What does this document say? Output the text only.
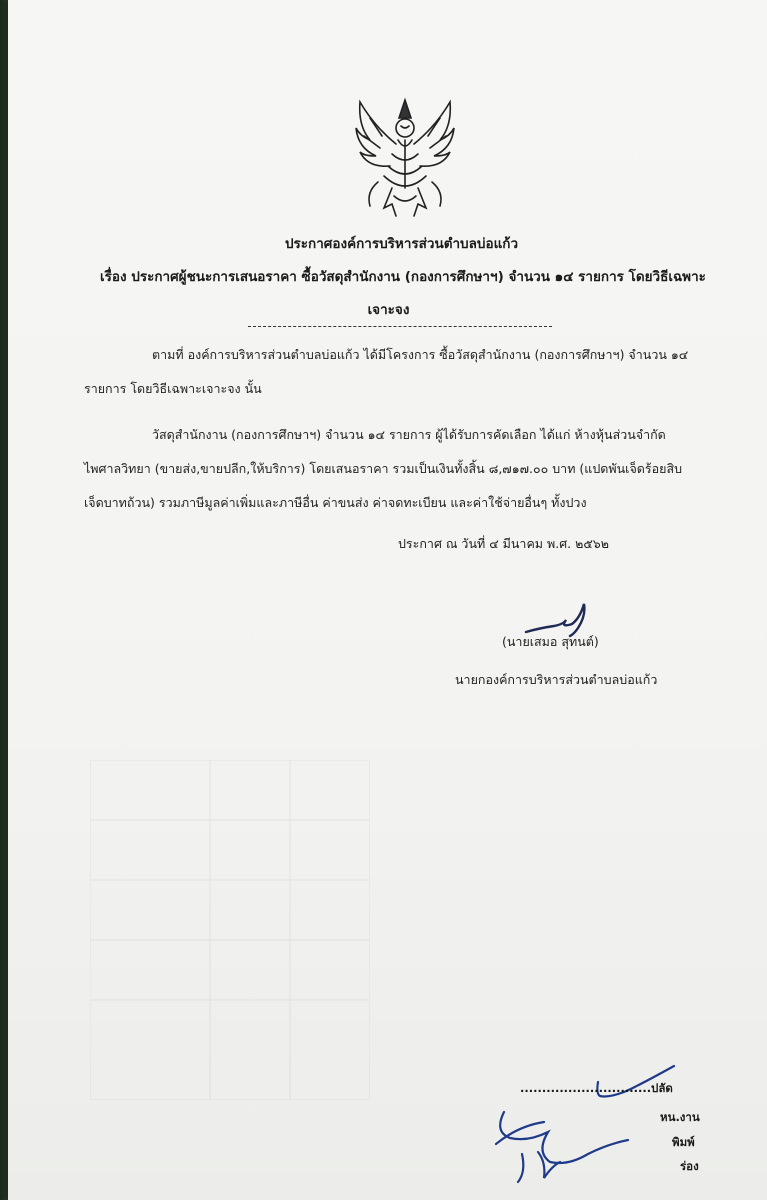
ประกาศองค์การบริหารส่วนตำบลบ่อแก้ว
เรื่อง ประกาศผู้ชนะการเสนอราคา ซื้อวัสดุสำนักงาน (กองการศึกษาฯ) จำนวน ๑๔ รายการ โดยวิธีเฉพาะ
เจาะจง
ตามที่ องค์การบริหารส่วนตำบลบ่อแก้ว ได้มีโครงการ ซื้อวัสดุสำนักงาน (กองการศึกษาฯ) จำนวน ๑๔
รายการ โดยวิธีเฉพาะเจาะจง นั้น
วัสดุสำนักงาน (กองการศึกษาฯ) จำนวน ๑๔ รายการ ผู้ได้รับการคัดเลือก ได้แก่ ห้างหุ้นส่วนจำกัด
ไพศาลวิทยา (ขายส่ง,ขายปลีก,ให้บริการ) โดยเสนอราคา รวมเป็นเงินทั้งสิ้น ๘,๗๑๗.๐๐ บาท (แปดพันเจ็ดร้อยสิบ
เจ็ดบาทถ้วน) รวมภาษีมูลค่าเพิ่มและภาษีอื่น ค่าขนส่ง ค่าจดทะเบียน และค่าใช้จ่ายอื่นๆ ทั้งปวง
ประกาศ ณ วันที่ ๔ มีนาคม พ.ศ. ๒๕๖๒
(นายเสมอ สุทนต์)
นายกองค์การบริหารส่วนตำบลบ่อแก้ว
..............................ปลัด
หน.งาน
พิมพ์
ร่อง
